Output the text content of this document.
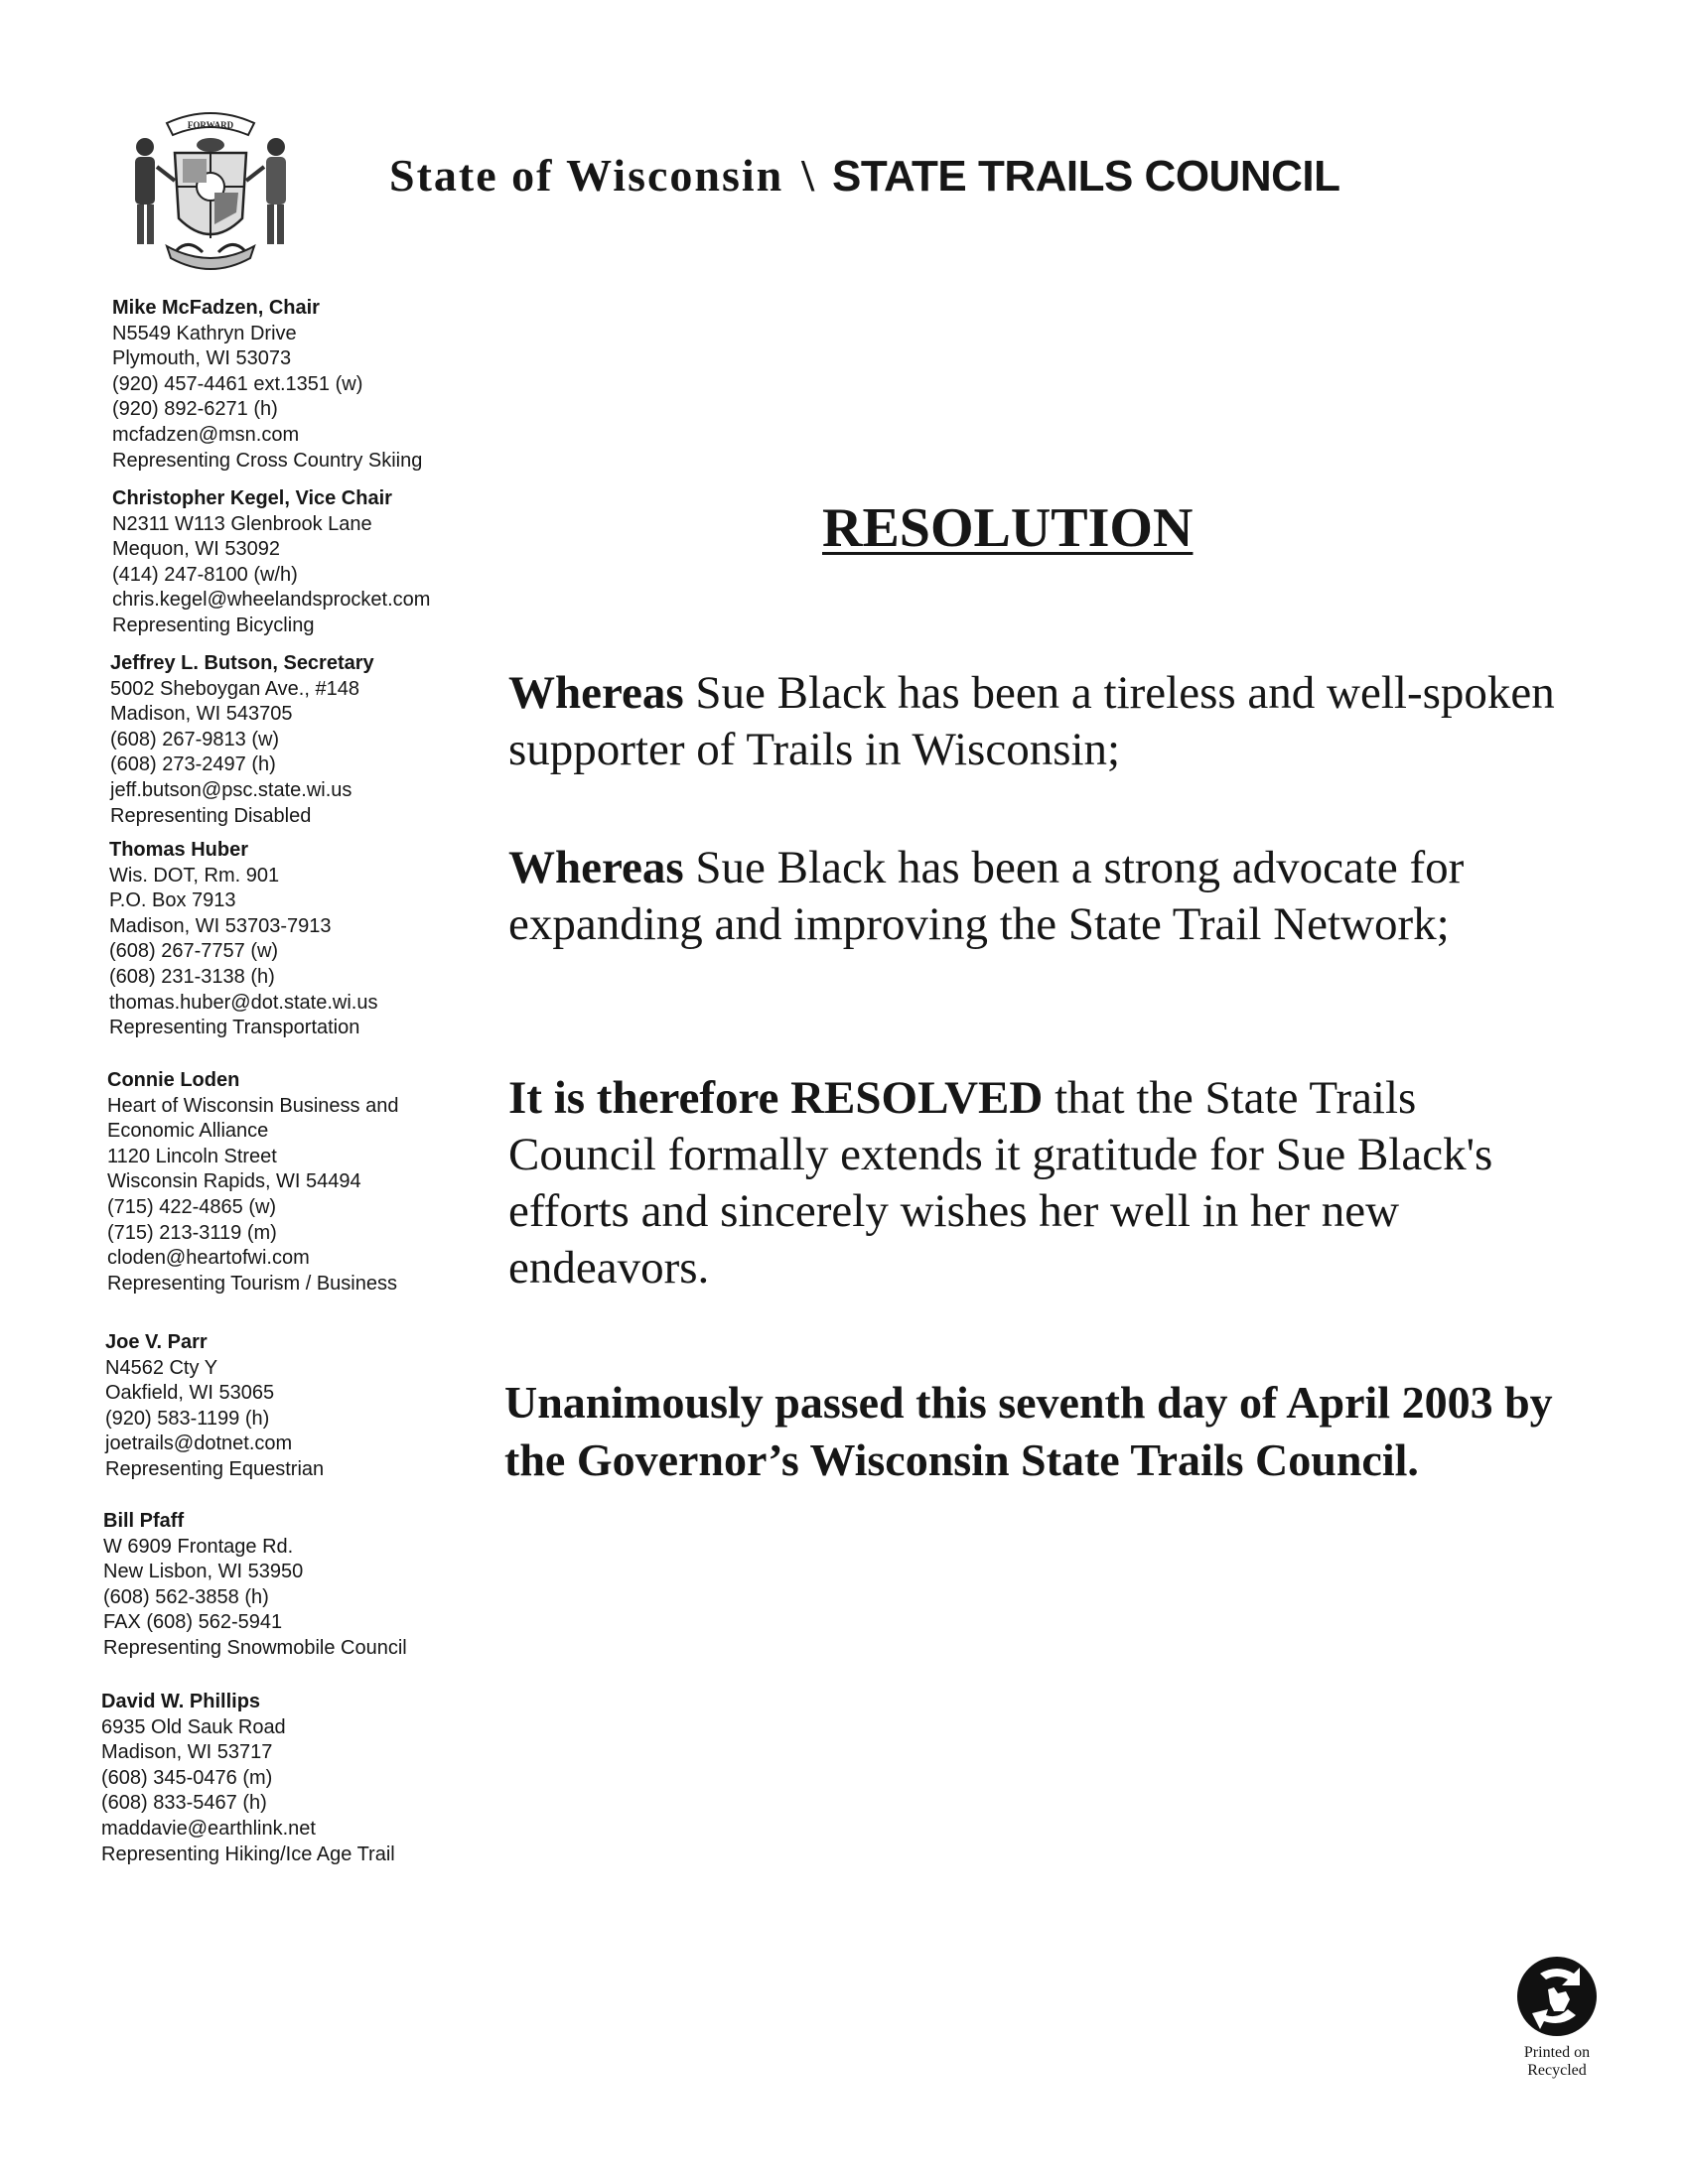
FORWARD
State of Wisconsin \ STATE TRAILS COUNCIL
Mike McFadzen, Chair
N5549 Kathryn Drive
Plymouth, WI 53073
(920) 457-4461 ext.1351 (w)
(920) 892-6271 (h)
mcfadzen@msn.com
Representing Cross Country Skiing
Christopher Kegel, Vice Chair
N2311 W113 Glenbrook Lane
Mequon, WI 53092
(414) 247-8100 (w/h)
chris.kegel@wheelandsprocket.com
Representing Bicycling
Jeffrey L. Butson, Secretary
5002 Sheboygan Ave., #148
Madison, WI 543705
(608) 267-9813 (w)
(608) 273-2497 (h)
jeff.butson@psc.state.wi.us
Representing Disabled
Thomas Huber
Wis. DOT, Rm. 901
P.O. Box 7913
Madison, WI 53703-7913
(608) 267-7757 (w)
(608) 231-3138 (h)
thomas.huber@dot.state.wi.us
Representing Transportation
Connie Loden
Heart of Wisconsin Business and
Economic Alliance
1120 Lincoln Street
Wisconsin Rapids, WI 54494
(715) 422-4865 (w)
(715) 213-3119 (m)
cloden@heartofwi.com
Representing Tourism / Business
Joe V. Parr
N4562 Cty Y
Oakfield, WI 53065
(920) 583-1199 (h)
joetrails@dotnet.com
Representing Equestrian
Bill Pfaff
W 6909 Frontage Rd.
New Lisbon, WI 53950
(608) 562-3858 (h)
FAX (608) 562-5941
Representing Snowmobile Council
David W. Phillips
6935 Old Sauk Road
Madison, WI 53717
(608) 345-0476 (m)
(608) 833-5467 (h)
maddavie@earthlink.net
Representing Hiking/Ice Age Trail
RESOLUTION
Whereas Sue Black has been a tireless and well-spoken supporter of Trails in Wisconsin;
Whereas Sue Black has been a strong advocate for expanding and improving the State Trail Network;
It is therefore RESOLVED that the State Trails Council formally extends it gratitude for Sue Black's efforts and sincerely wishes her well in her new endeavors.
Unanimously passed this seventh day of April 2003 by the Governor’s Wisconsin State Trails Council.
Printed on
Recycled
